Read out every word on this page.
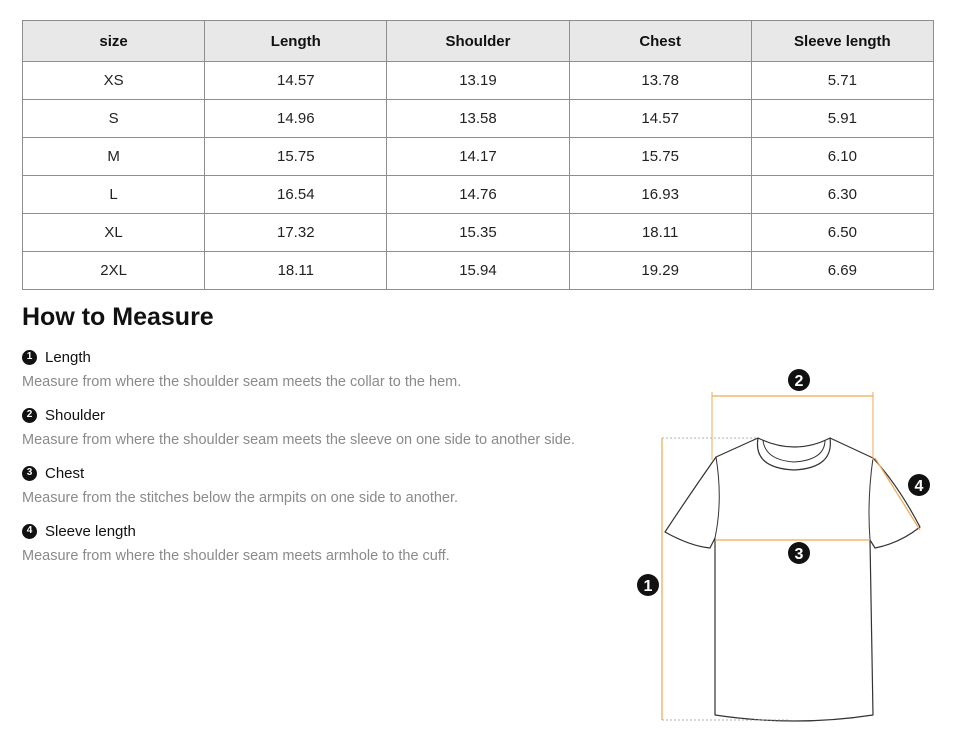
size	Length	Shoulder	Chest	Sleeve length
XS	14.57	13.19	13.78	5.71
S	14.96	13.58	14.57	5.91
M	15.75	14.17	15.75	6.10
L	16.54	14.76	16.93	6.30
XL	17.32	15.35	18.11	6.50
2XL	18.11	15.94	19.29	6.69
How to Measure
1 Length
Measure from where the shoulder seam meets the collar to the hem.
2 Shoulder
Measure from where the shoulder seam meets the sleeve on one side to another side.
3 Chest
Measure from the stitches below the armpits on one side to another.
4 Sleeve length
Measure from where the shoulder seam meets armhole to the cuff.
2
4
3
1
